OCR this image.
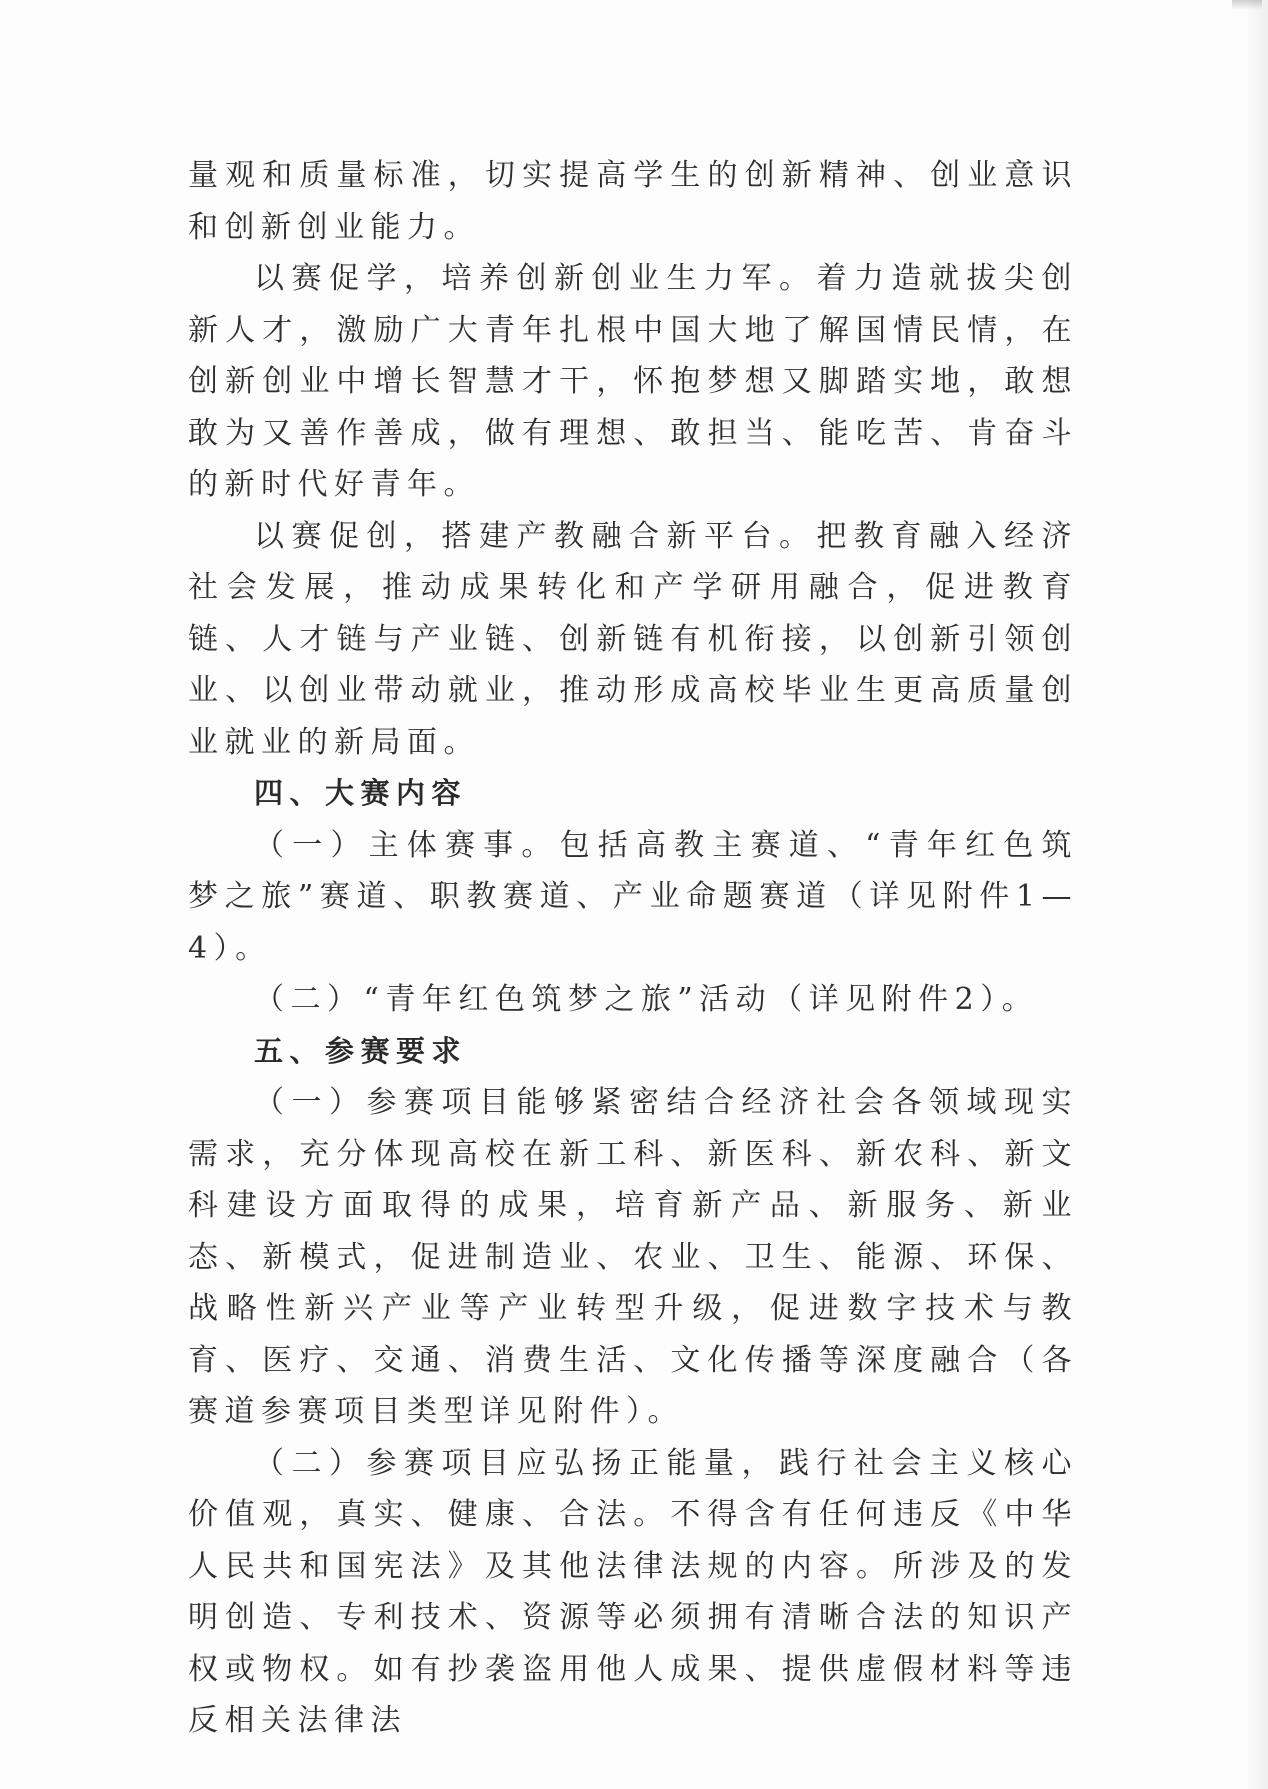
量观和质量标准，切实提高学生的创新精神、创业意识和创新创业能力。

以赛促学，培养创新创业生力军。着力造就拔尖创新人才，激励广大青年扎根中国大地了解国情民情，在创新创业中增长智慧才干，怀抱梦想又脚踏实地，敢想敢为又善作善成，做有理想、敢担当、能吃苦、肯奋斗的新时代好青年。

以赛促创，搭建产教融合新平台。把教育融入经济社会发展，推动成果转化和产学研用融合，促进教育链、人才链与产业链、创新链有机衔接，以创新引领创业、以创业带动就业，推动形成高校毕业生更高质量创业就业的新局面。

四、大赛内容

（一）主体赛事。包括高教主赛道、“青年红色筑梦之旅”赛道、职教赛道、产业命题赛道（详见附件1—4）。

（二）“青年红色筑梦之旅”活动（详见附件2）。

五、参赛要求

（一）参赛项目能够紧密结合经济社会各领域现实需求，充分体现高校在新工科、新医科、新农科、新文科建设方面取得的成果，培育新产品、新服务、新业态、新模式，促进制造业、农业、卫生、能源、环保、战略性新兴产业等产业转型升级，促进数字技术与教育、医疗、交通、消费生活、文化传播等深度融合（各赛道参赛项目类型详见附件）。

（二）参赛项目应弘扬正能量，践行社会主义核心价值观，真实、健康、合法。不得含有任何违反《中华人民共和国宪法》及其他法律法规的内容。所涉及的发明创造、专利技术、资源等必须拥有清晰合法的知识产权或物权。如有抄袭盗用他人成果、提供虚假材料等违反相关法律法
